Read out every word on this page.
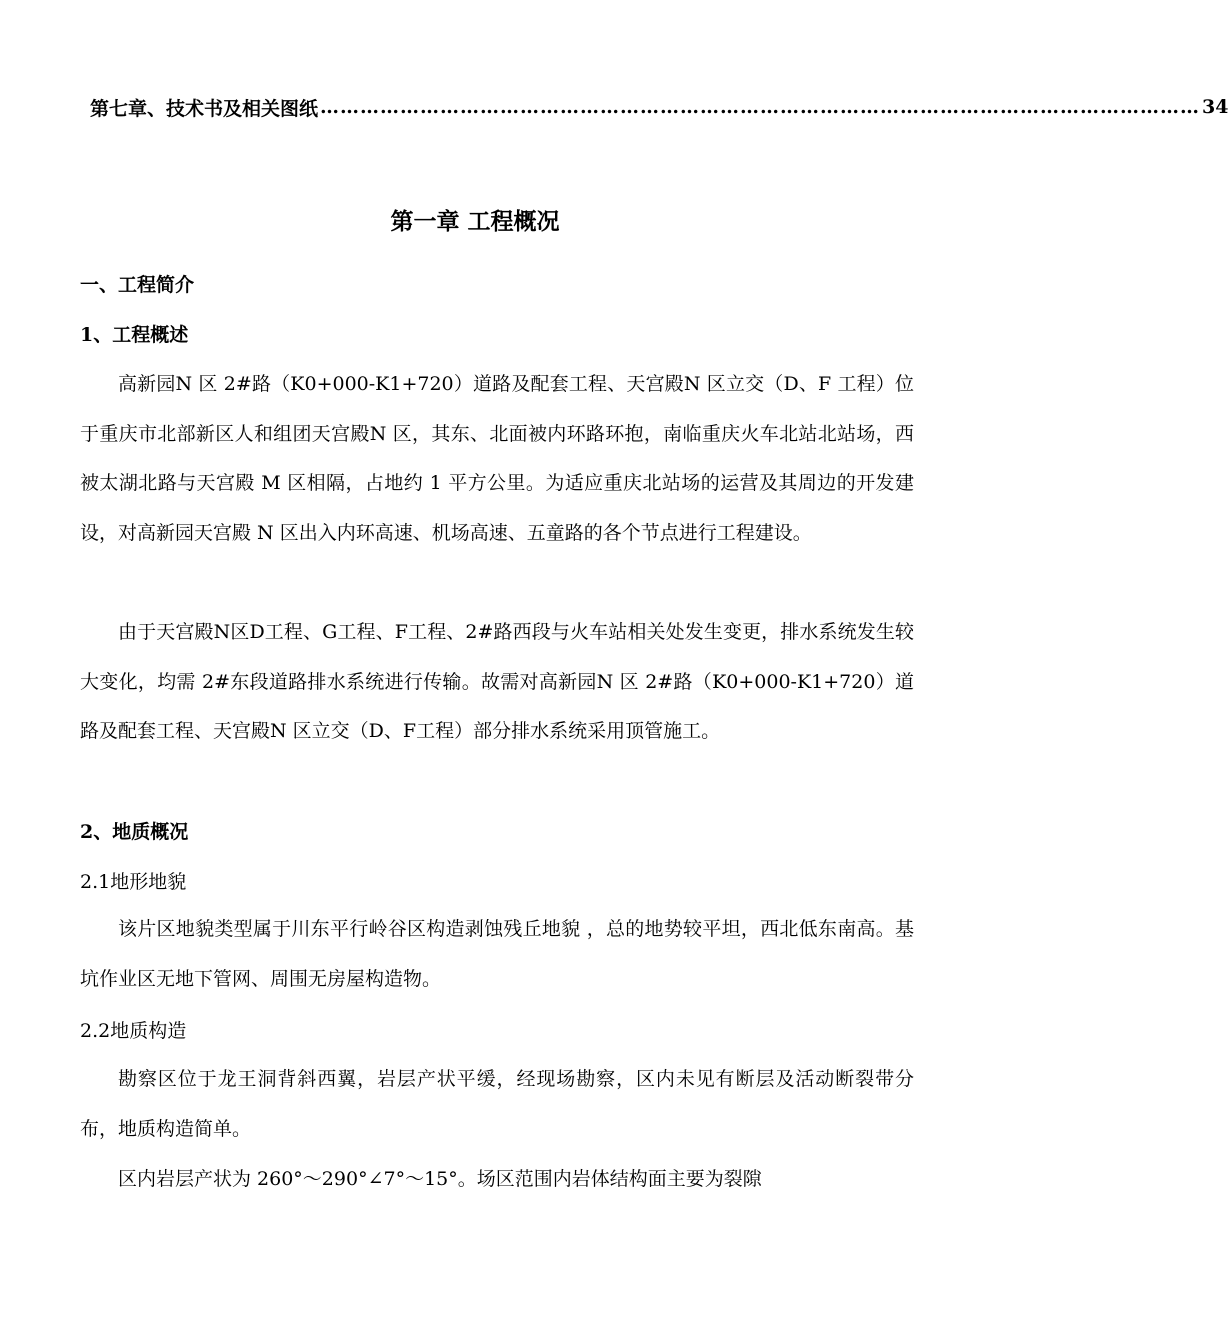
第七章、技术书及相关图纸 …………………………………………………………………………………………………………………… 34
第一章 工程概况
一、工程简介
1、工程概述

高新园N 区 2#路（K0+000-K1+720）道路及配套工程、天宫殿N 区立交（D、F 工程）位于重庆市北部新区人和组团天宫殿N 区，其东、北面被内环路环抱，南临重庆火车北站北站场，西被太湖北路与天宫殿 M 区相隔，占地约 1 平方公里。为适应重庆北站场的运营及其周边的开发建设，对高新园天宫殿 N 区出入内环高速、机场高速、五童路的各个节点进行工程建设。

由于天宫殿N区D工程、G工程、F工程、2#路西段与火车站相关处发生变更，排水系统发生较大变化，均需 2#东段道路排水系统进行传输。故需对高新园N 区 2#路（K0+000-K1+720）道路及配套工程、天宫殿N 区立交（D、F工程）部分排水系统采用顶管施工。

2、地质概况
2.1地形地貌

该片区地貌类型属于川东平行岭谷区构造剥蚀残丘地貌 ，总的地势较平坦，西北低东南高。基坑作业区无地下管网、周围无房屋构造物。

2.2地质构造

勘察区位于龙王洞背斜西翼，岩层产状平缓，经现场勘察，区内未见有断层及活动断裂带分布，地质构造简单。

区内岩层产状为 260°～290°∠7°～15°。场区范围内岩体结构面主要为裂隙
